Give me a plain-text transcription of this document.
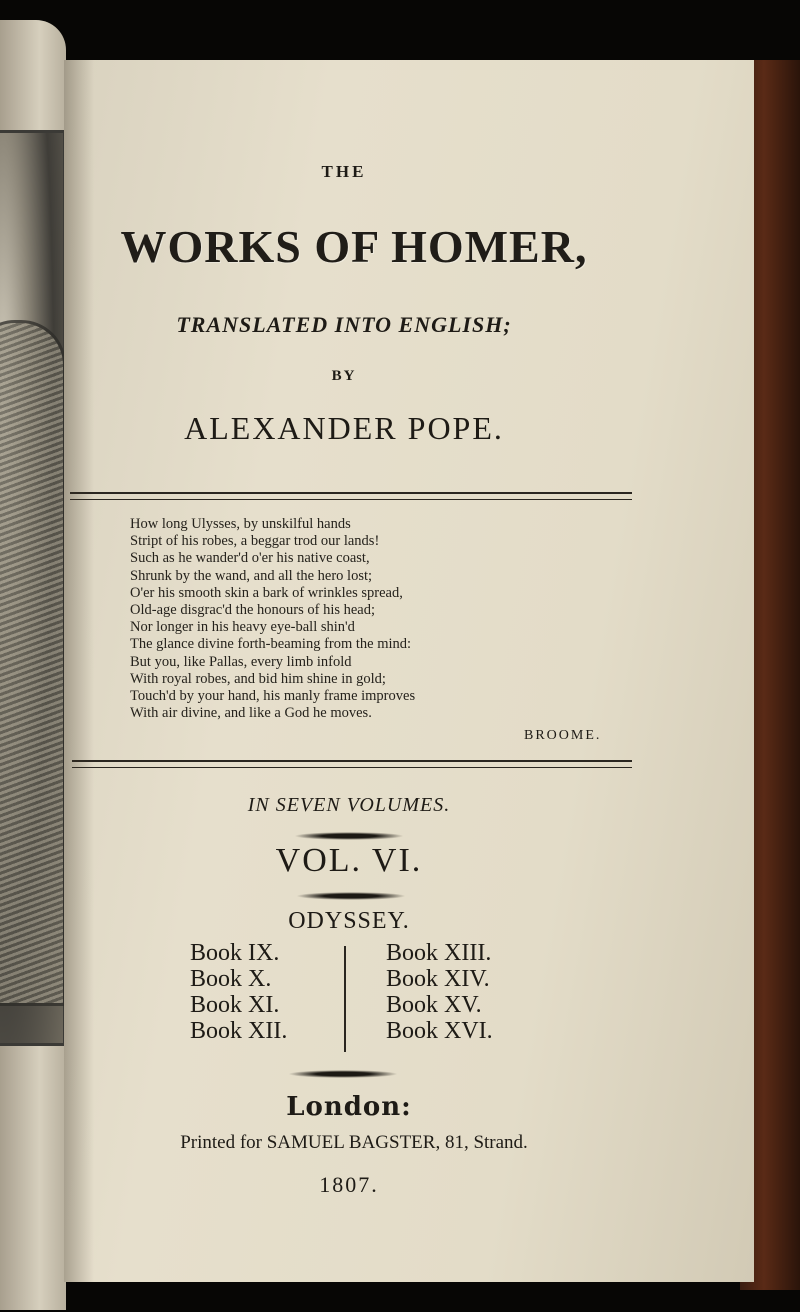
THE
WORKS OF HOMER,
TRANSLATED INTO ENGLISH;
BY
ALEXANDER POPE.
How long Ulysses, by unskilful hands
Stript of his robes, a beggar trod our lands!
Such as he wander'd o'er his native coast,
Shrunk by the wand, and all the hero lost;
O'er his smooth skin a bark of wrinkles spread,
Old-age disgrac'd the honours of his head;
Nor longer in his heavy eye-ball shin'd
The glance divine forth-beaming from the mind:
But you, like Pallas, every limb infold
With royal robes, and bid him shine in gold;
Touch'd by your hand, his manly frame improves
With air divine, and like a God he moves.
BROOME.
IN SEVEN VOLUMES.
VOL. VI.
ODYSSEY.
Book IX.
Book X.
Book XI.
Book XII.
Book XIII.
Book XIV.
Book XV.
Book XVI.
London:
Printed for SAMUEL BAGSTER, 81, Strand.
1807.
